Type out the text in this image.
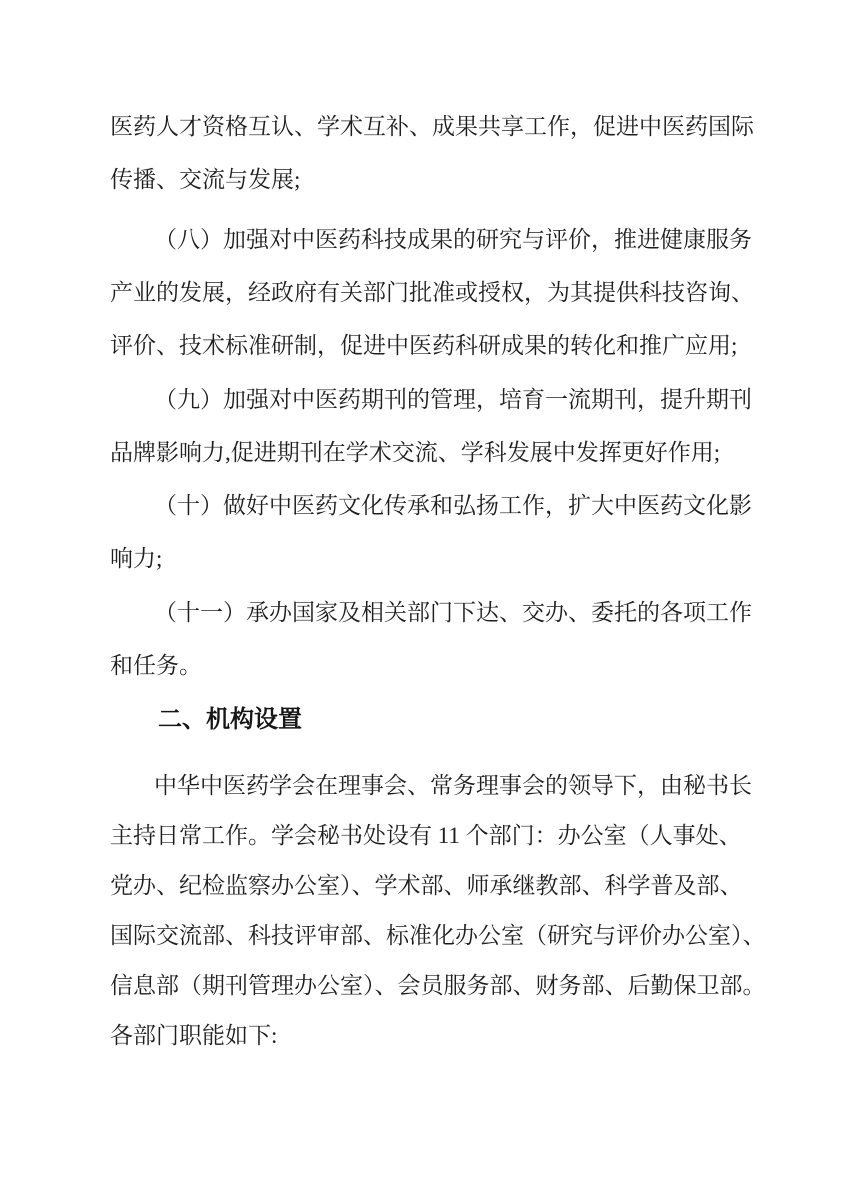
医药人才资格互认、学术互补、成果共享工作，促进中医药国际
传播、交流与发展;
（八）加强对中医药科技成果的研究与评价，推进健康服务
产业的发展，经政府有关部门批准或授权，为其提供科技咨询、
评价、技术标准研制，促进中医药科研成果的转化和推广应用;
（九）加强对中医药期刊的管理，培育一流期刊，提升期刊
品牌影响力,促进期刊在学术交流、学科发展中发挥更好作用;
（十）做好中医药文化传承和弘扬工作，扩大中医药文化影
响力;
（十一）承办国家及相关部门下达、交办、委托的各项工作
和任务。
二、机构设置
中华中医药学会在理事会、常务理事会的领导下，由秘书长
主持日常工作。学会秘书处设有 11 个部门：办公室（人事处、
党办、纪检监察办公室）、学术部、师承继教部、科学普及部、
国际交流部、科技评审部、标准化办公室（研究与评价办公室）、
信息部（期刊管理办公室）、会员服务部、财务部、后勤保卫部。
各部门职能如下:
